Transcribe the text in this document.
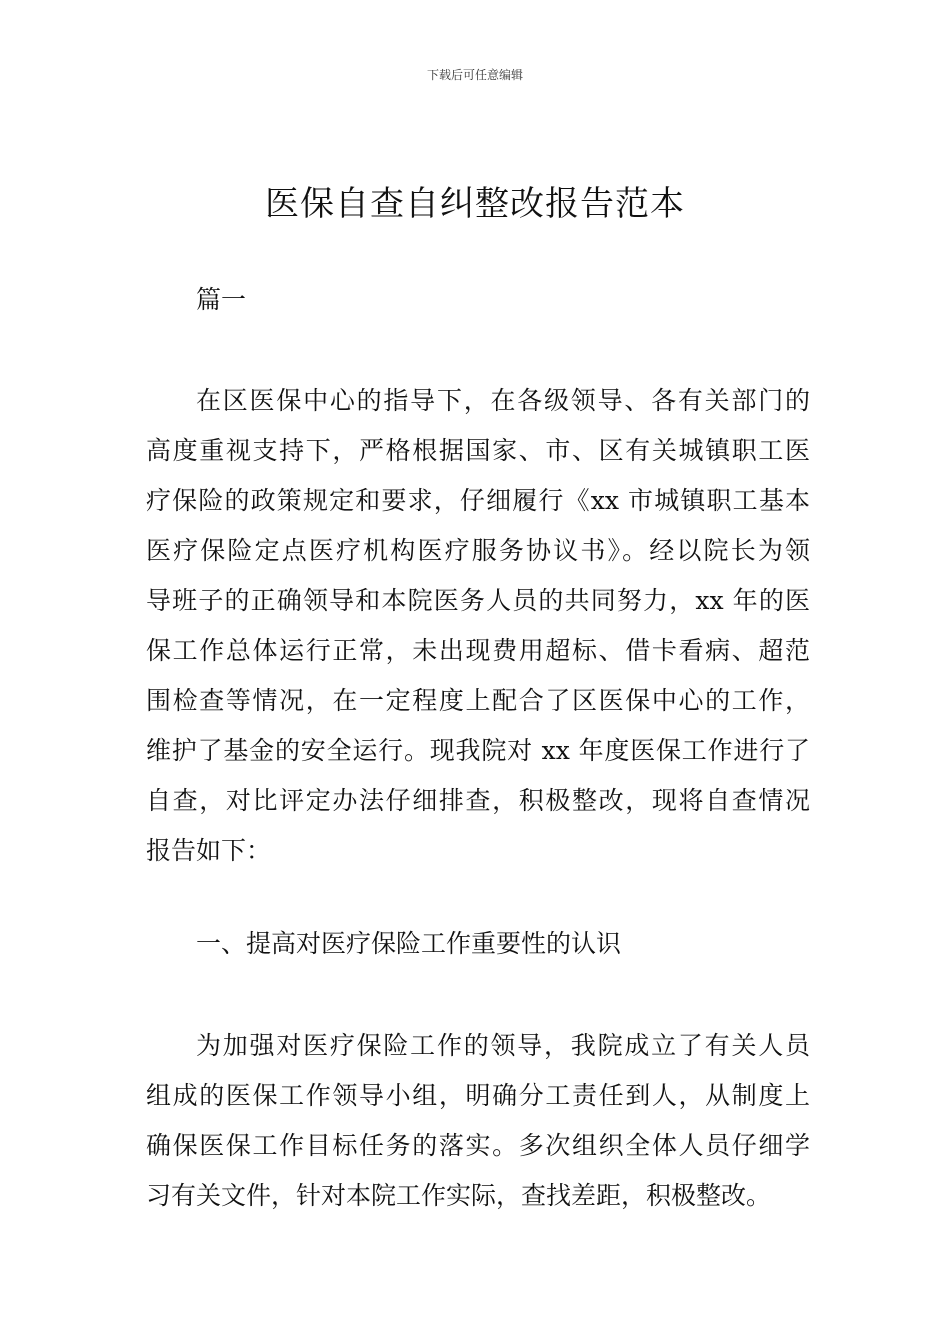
下载后可任意编辑
医保自查自纠整改报告范本
篇一
在区医保中心的指导下，在各级领导、各有关部门的
高度重视支持下，严格根据国家、市、区有关城镇职工医
疗保险的政策规定和要求，仔细履行《xx 市城镇职工基本
医疗保险定点医疗机构医疗服务协议书》。经以院长为领
导班子的正确领导和本院医务人员的共同努力，xx 年的医
保工作总体运行正常，未出现费用超标、借卡看病、超范
围检查等情况，在一定程度上配合了区医保中心的工作，
维护了基金的安全运行。现我院对 xx 年度医保工作进行了
自查，对比评定办法仔细排查，积极整改，现将自查情况
报告如下：
一、提高对医疗保险工作重要性的认识
为加强对医疗保险工作的领导，我院成立了有关人员
组成的医保工作领导小组，明确分工责任到人，从制度上
确保医保工作目标任务的落实。多次组织全体人员仔细学
习有关文件，针对本院工作实际，查找差距，积极整改。
